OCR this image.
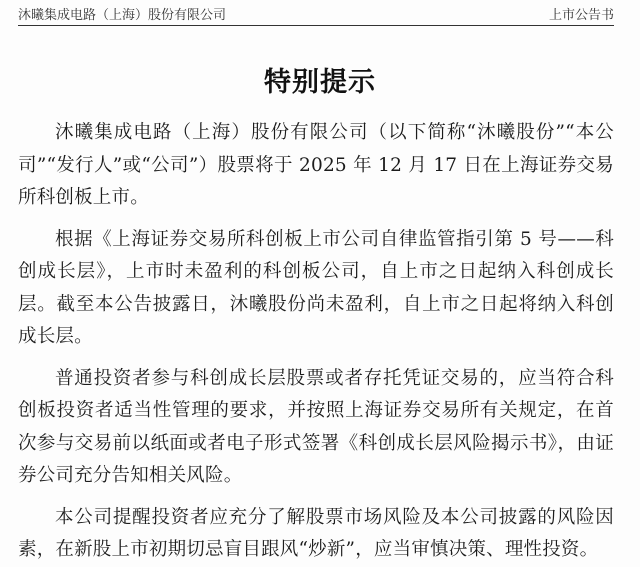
沐曦集成电路（上海）股份有限公司	上市公告书
特别提示

沐曦集成电路（上海）股份有限公司（以下简称“沐曦股份”“本公司”“发行人”或“公司”）股票将于 2025 年 12 月 17 日在上海证券交易所科创板上市。

根据《上海证券交易所科创板上市公司自律监管指引第 5 号——科创成长层》，上市时未盈利的科创板公司，自上市之日起纳入科创成长层。截至本公告披露日，沐曦股份尚未盈利，自上市之日起将纳入科创成长层。

普通投资者参与科创成长层股票或者存托凭证交易的，应当符合科创板投资者适当性管理的要求，并按照上海证券交易所有关规定，在首次参与交易前以纸面或者电子形式签署《科创成长层风险揭示书》，由证券公司充分告知相关风险。

本公司提醒投资者应充分了解股票市场风险及本公司披露的风险因素，在新股上市初期切忌盲目跟风“炒新”，应当审慎决策、理性投资。
